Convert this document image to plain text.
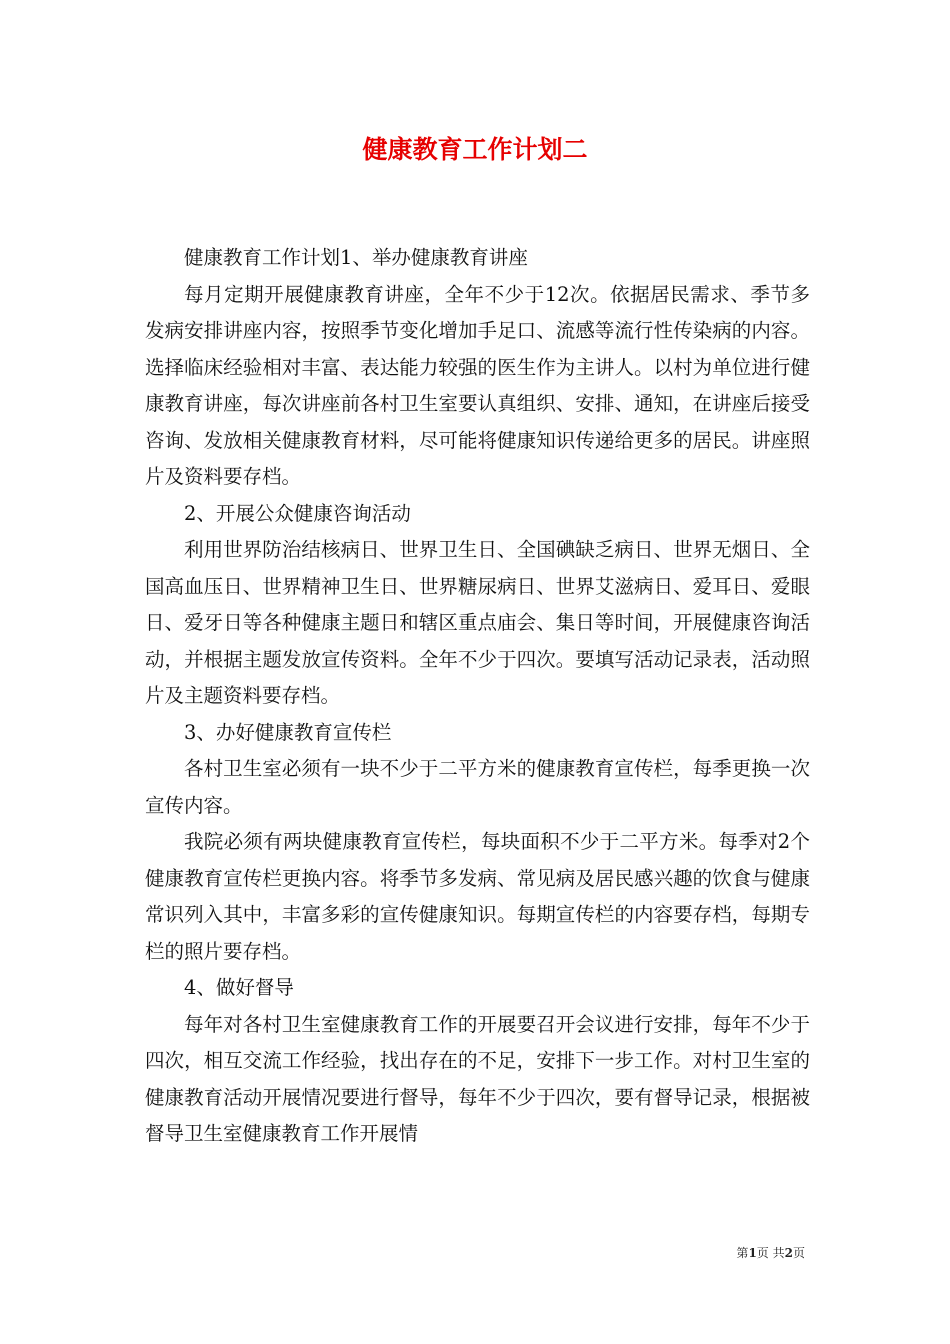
健康教育工作计划二

健康教育工作计划1、举办健康教育讲座

每月定期开展健康教育讲座，全年不少于12次。依据居民需求、季节多发病安排讲座内容，按照季节变化增加手足口、流感等流行性传染病的内容。选择临床经验相对丰富、表达能力较强的医生作为主讲人。以村为单位进行健康教育讲座，每次讲座前各村卫生室要认真组织、安排、通知，在讲座后接受咨询、发放相关健康教育材料，尽可能将健康知识传递给更多的居民。讲座照片及资料要存档。

2、开展公众健康咨询活动

利用世界防治结核病日、世界卫生日、全国碘缺乏病日、世界无烟日、全国高血压日、世界精神卫生日、世界糖尿病日、世界艾滋病日、爱耳日、爱眼日、爱牙日等各种健康主题日和辖区重点庙会、集日等时间，开展健康咨询活动，并根据主题发放宣传资料。全年不少于四次。要填写活动记录表，活动照片及主题资料要存档。

3、办好健康教育宣传栏

各村卫生室必须有一块不少于二平方米的健康教育宣传栏，每季更换一次宣传内容。

我院必须有两块健康教育宣传栏，每块面积不少于二平方米。每季对2个健康教育宣传栏更换内容。将季节多发病、常见病及居民感兴趣的饮食与健康常识列入其中，丰富多彩的宣传健康知识。每期宣传栏的内容要存档，每期专栏的照片要存档。

4、做好督导

每年对各村卫生室健康教育工作的开展要召开会议进行安排，每年不少于四次，相互交流工作经验，找出存在的不足，安排下一步工作。对村卫生室的健康教育活动开展情况要进行督导，每年不少于四次，要有督导记录，根据被督导卫生室健康教育工作开展情

第1页 共2页
